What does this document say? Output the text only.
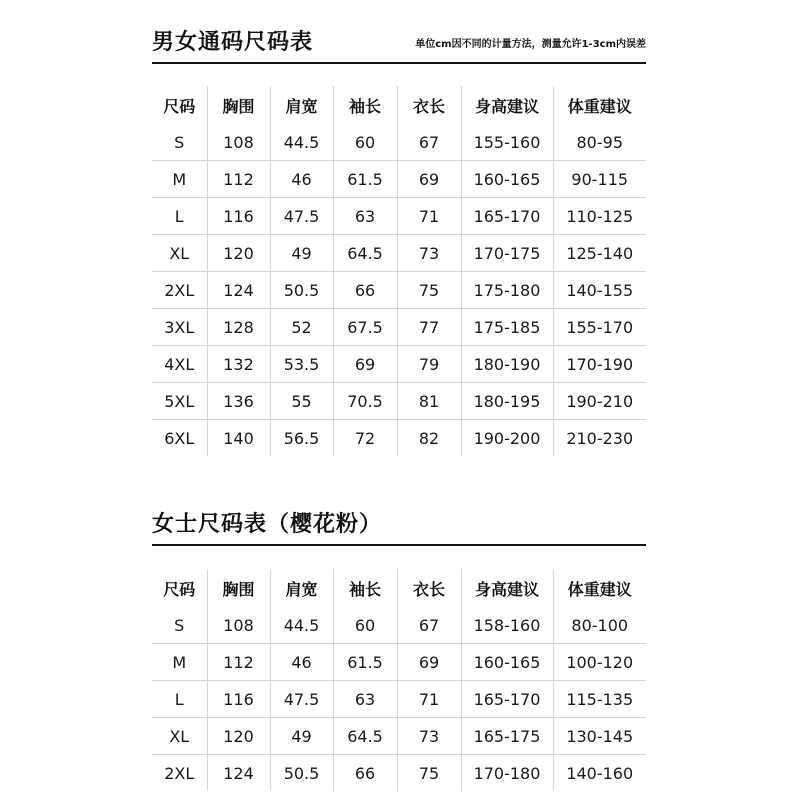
男女通码尺码表	单位cm因不同的计量方法，测量允许1-3cm内误差
尺码	胸围	肩宽	袖长	衣长	身高建议	体重建议
S	108	44.5	60	67	155-160	80-95
M	112	46	61.5	69	160-165	90-115
L	116	47.5	63	71	165-170	110-125
XL	120	49	64.5	73	170-175	125-140
2XL	124	50.5	66	75	175-180	140-155
3XL	128	52	67.5	77	175-185	155-170
4XL	132	53.5	69	79	180-190	170-190
5XL	136	55	70.5	81	180-195	190-210
6XL	140	56.5	72	82	190-200	210-230
女士尺码表（樱花粉）
尺码	胸围	肩宽	袖长	衣长	身高建议	体重建议
S	108	44.5	60	67	158-160	80-100
M	112	46	61.5	69	160-165	100-120
L	116	47.5	63	71	165-170	115-135
XL	120	49	64.5	73	165-175	130-145
2XL	124	50.5	66	75	170-180	140-160
